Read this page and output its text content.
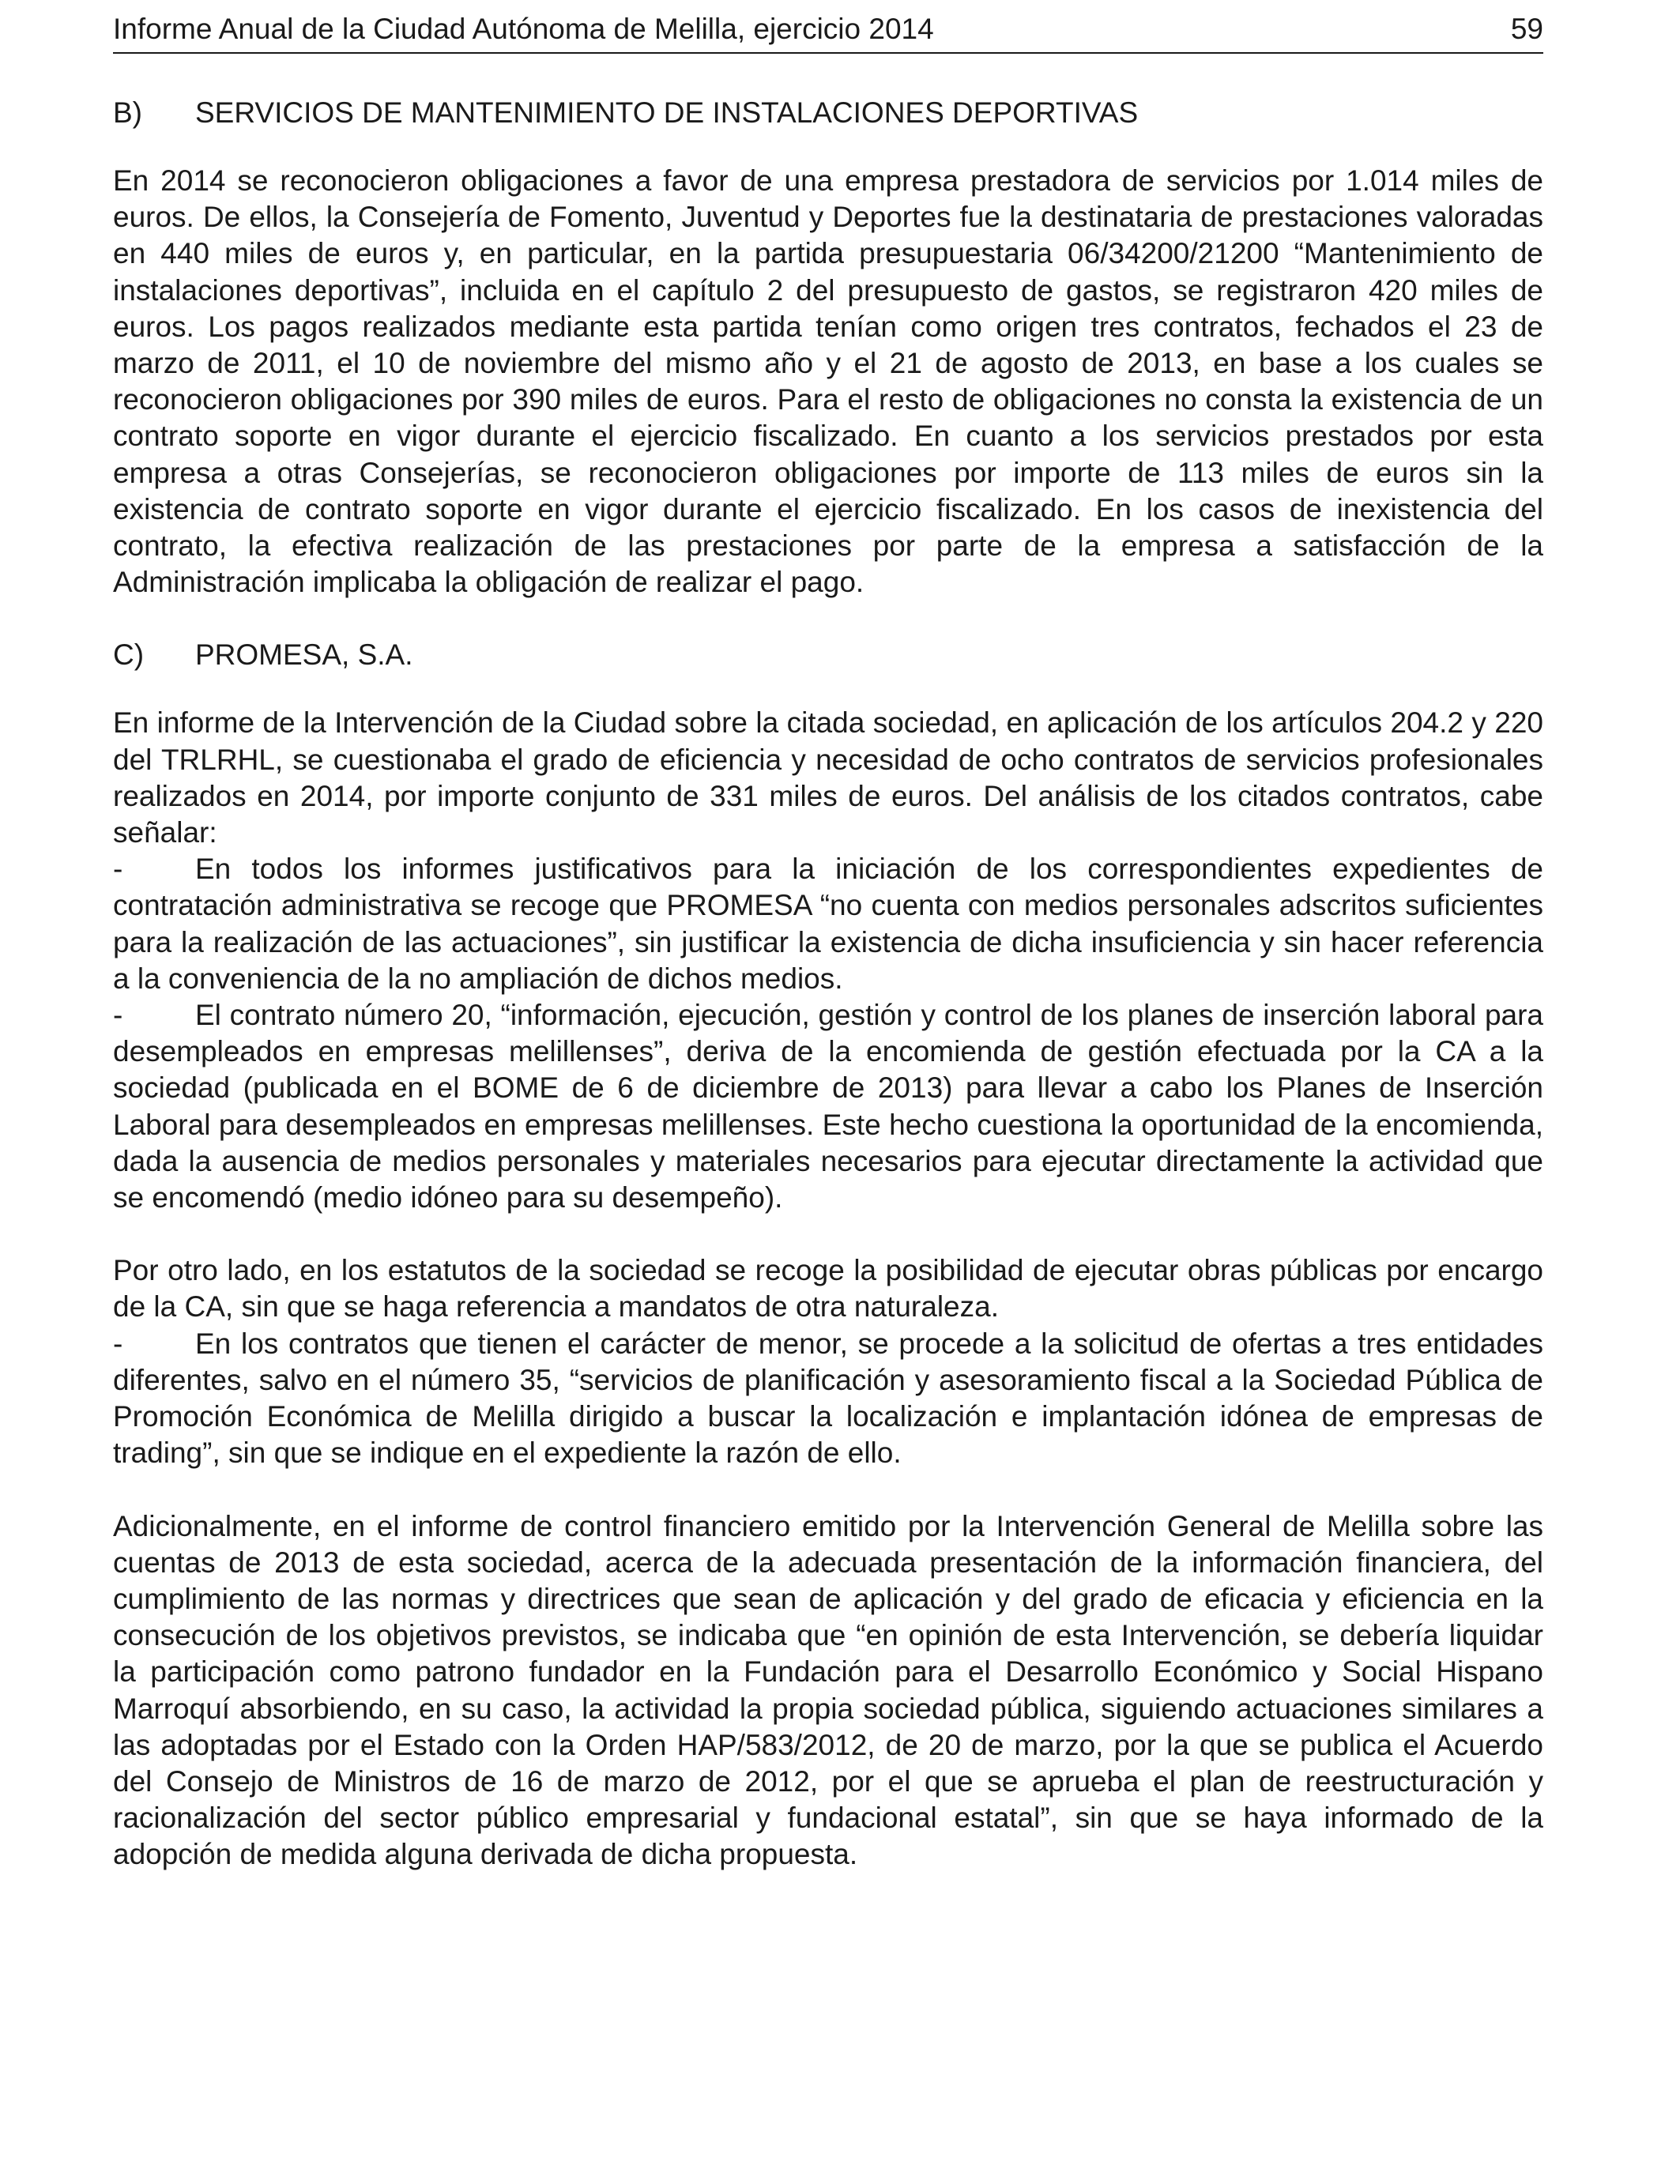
Informe Anual de la Ciudad Autónoma de Melilla, ejercicio 2014	59
B)	SERVICIOS DE MANTENIMIENTO DE INSTALACIONES DEPORTIVAS

En 2014 se reconocieron obligaciones a favor de una empresa prestadora de servicios por 1.014 miles de euros. De ellos, la Consejería de Fomento, Juventud y Deportes fue la destinataria de prestaciones valoradas en 440 miles de euros y, en particular, en la partida presupuestaria 06/34200/21200 “Mantenimiento de instalaciones deportivas”, incluida en el capítulo 2 del presupuesto de gastos, se registraron 420 miles de euros. Los pagos realizados mediante esta partida tenían como origen tres contratos, fechados el 23 de marzo de 2011, el 10 de noviembre del mismo año y el 21 de agosto de 2013, en base a los cuales se reconocieron obligaciones por 390 miles de euros. Para el resto de obligaciones no consta la existencia de un contrato soporte en vigor durante el ejercicio fiscalizado. En cuanto a los servicios prestados por esta empresa a otras Consejerías, se reconocieron obligaciones por importe de 113 miles de euros sin la existencia de contrato soporte en vigor durante el ejercicio fiscalizado. En los casos de inexistencia del contrato, la efectiva realización de las prestaciones por parte de la empresa a satisfacción de la Administración implicaba la obligación de realizar el pago.

C)	PROMESA, S.A.

En informe de la Intervención de la Ciudad sobre la citada sociedad, en aplicación de los artículos 204.2 y 220 del TRLRHL, se cuestionaba el grado de eficiencia y necesidad de ocho contratos de servicios profesionales realizados en 2014, por importe conjunto de 331 miles de euros. Del análisis de los citados contratos, cabe señalar:

- En todos los informes justificativos para la iniciación de los correspondientes expedientes de contratación administrativa se recoge que PROMESA “no cuenta con medios personales adscritos suficientes para la realización de las actuaciones”, sin justificar la existencia de dicha insuficiencia y sin hacer referencia a la conveniencia de la no ampliación de dichos medios.

- El contrato número 20, “información, ejecución, gestión y control de los planes de inserción laboral para desempleados en empresas melillenses”, deriva de la encomienda de gestión efectuada por la CA a la sociedad (publicada en el BOME de 6 de diciembre de 2013) para llevar a cabo los Planes de Inserción Laboral para desempleados en empresas melillenses. Este hecho cuestiona la oportunidad de la encomienda, dada la ausencia de medios personales y materiales necesarios para ejecutar directamente la actividad que se encomendó (medio idóneo para su desempeño).

Por otro lado, en los estatutos de la sociedad se recoge la posibilidad de ejecutar obras públicas por encargo de la CA, sin que se haga referencia a mandatos de otra naturaleza.

- En los contratos que tienen el carácter de menor, se procede a la solicitud de ofertas a tres entidades diferentes, salvo en el número 35, “servicios de planificación y asesoramiento fiscal a la Sociedad Pública de Promoción Económica de Melilla dirigido a buscar la localización e implantación idónea de empresas de trading”, sin que se indique en el expediente la razón de ello.

Adicionalmente, en el informe de control financiero emitido por la Intervención General de Melilla sobre las cuentas de 2013 de esta sociedad, acerca de la adecuada presentación de la información financiera, del cumplimiento de las normas y directrices que sean de aplicación y del grado de eficacia y eficiencia en la consecución de los objetivos previstos, se indicaba que “en opinión de esta Intervención, se debería liquidar la participación como patrono fundador en la Fundación para el Desarrollo Económico y Social Hispano Marroquí absorbiendo, en su caso, la actividad la propia sociedad pública, siguiendo actuaciones similares a las adoptadas por el Estado con la Orden HAP/583/2012, de 20 de marzo, por la que se publica el Acuerdo del Consejo de Ministros de 16 de marzo de 2012, por el que se aprueba el plan de reestructuración y racionalización del sector público empresarial y fundacional estatal”, sin que se haya informado de la adopción de medida alguna derivada de dicha propuesta.
